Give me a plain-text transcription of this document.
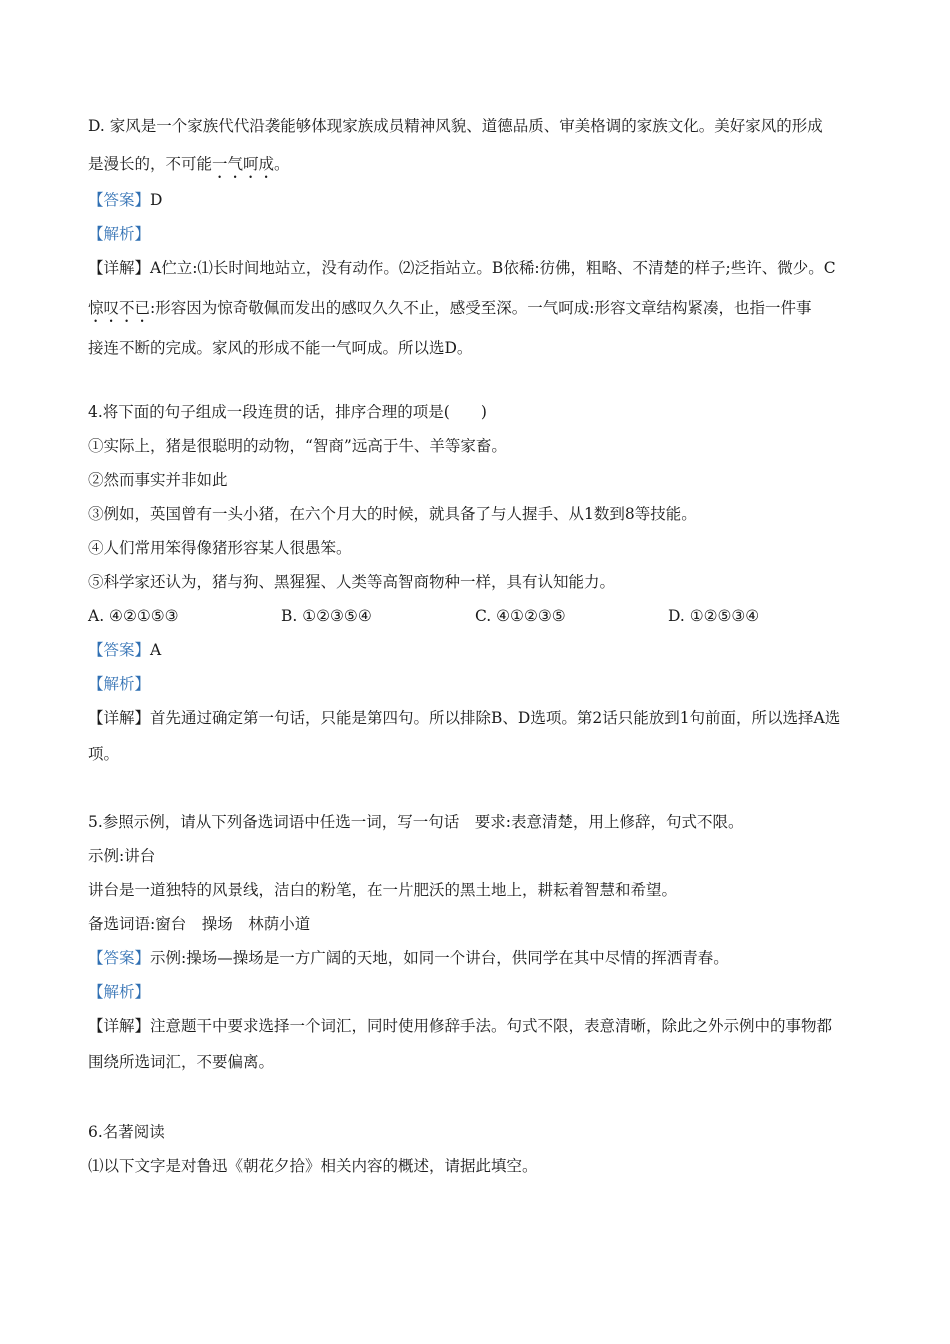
D. 家风是一个家族代代沿袭能够体现家族成员精神风貌、道德品质、审美格调的家族文化。美好家风的形成
是漫长的，不可能一气呵成。
【答案】D
【解析】
【详解】A伫立:⑴长时间地站立，没有动作。⑵泛指站立。B依稀:彷佛，粗略、不清楚的样子;些许、微少。C
惊叹不已:形容因为惊奇敬佩而发出的感叹久久不止，感受至深。一气呵成:形容文章结构紧凑，也指一件事
接连不断的完成。家风的形成不能一气呵成。所以选D。
4.将下面的句子组成一段连贯的话，排序合理的项是(　　)
①实际上，猪是很聪明的动物，“智商”远高于牛、羊等家畜。
②然而事实并非如此
③例如，英国曾有一头小猪，在六个月大的时候，就具备了与人握手、从1数到8等技能。
④人们常用笨得像猪形容某人很愚笨。
⑤科学家还认为，猪与狗、黑猩猩、人类等高智商物种一样，具有认知能力。
A. ④②①⑤③	B. ①②③⑤④	C. ④①②③⑤	D. ①②⑤③④
【答案】A
【解析】
【详解】首先通过确定第一句话，只能是第四句。所以排除B、D选项。第2话只能放到1句前面，所以选择A选
项。
5.参照示例，请从下列备选词语中任选一词，写一句话　要求:表意清楚，用上修辞，句式不限。
示例:讲台
讲台是一道独特的风景线，洁白的粉笔，在一片肥沃的黑土地上，耕耘着智慧和希望。
备选词语:窗台　操场　林荫小道
【答案】示例:操场—操场是一方广阔的天地，如同一个讲台，供同学在其中尽情的挥洒青春。
【解析】
【详解】注意题干中要求选择一个词汇，同时使用修辞手法。句式不限，表意清晰，除此之外示例中的事物都
围绕所选词汇，不要偏离。
6.名著阅读
⑴以下文字是对鲁迅《朝花夕拾》相关内容的概述，请据此填空。
